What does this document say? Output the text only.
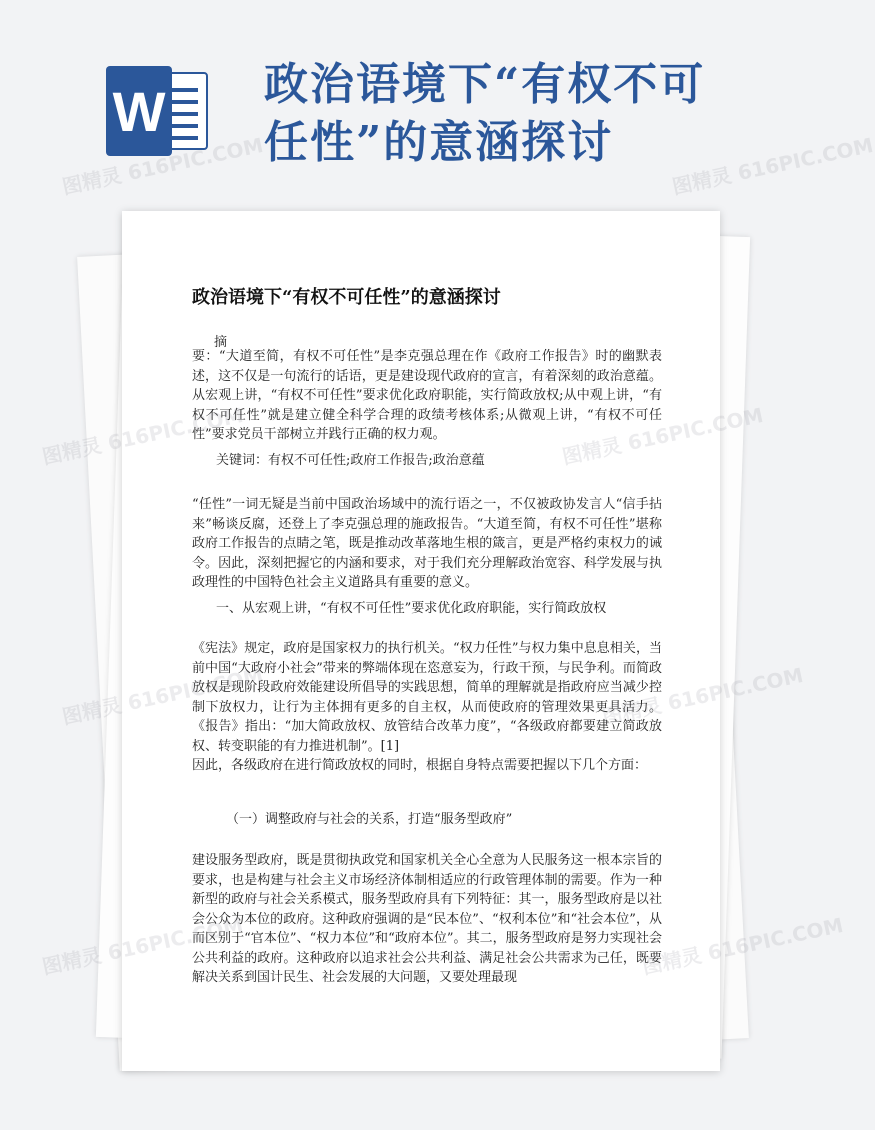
W 政治语境下“有权不可
任性”的意涵探讨
政治语境下“有权不可任性”的意涵探讨
摘

要：“大道至简，有权不可任性”是李克强总理在作《政府工作报告》时的幽默表述，这不仅是一句流行的话语，更是建设现代政府的宣言，有着深刻的政治意蕴。从宏观上讲，“有权不可任性”要求优化政府职能，实行简政放权;从中观上讲，“有权不可任性”就是建立健全科学合理的政绩考核体系;从微观上讲，“有权不可任性”要求党员干部树立并践行正确的权力观。

关键词：有权不可任性;政府工作报告;政治意蕴

“任性”一词无疑是当前中国政治场域中的流行语之一，不仅被政协发言人“信手拈来”畅谈反腐，还登上了李克强总理的施政报告。“大道至简，有权不可任性”堪称政府工作报告的点睛之笔，既是推动改革落地生根的箴言，更是严格约束权力的诫令。因此，深刻把握它的内涵和要求，对于我们充分理解政治宽容、科学发展与执政理性的中国特色社会主义道路具有重要的意义。

一、从宏观上讲，“有权不可任性”要求优化政府职能，实行简政放权

《宪法》规定，政府是国家权力的执行机关。“权力任性”与权力集中息息相关，当前中国“大政府小社会”带来的弊端体现在恣意妄为，行政干预，与民争利。而简政放权是现阶段政府效能建设所倡导的实践思想，简单的理解就是指政府应当减少控制下放权力，让行为主体拥有更多的自主权，从而使政府的管理效果更具活力。《报告》指出：“加大简政放权、放管结合改革力度”，“各级政府都要建立简政放权、转变职能的有力推进机制”。[1]

因此，各级政府在进行简政放权的同时，根据自身特点需要把握以下几个方面：

（一）调整政府与社会的关系，打造“服务型政府”

建设服务型政府，既是贯彻执政党和国家机关全心全意为人民服务这一根本宗旨的要求，也是构建与社会主义市场经济体制相适应的行政管理体制的需要。作为一种新型的政府与社会关系模式，服务型政府具有下列特征：其一，服务型政府是以社会公众为本位的政府。这种政府强调的是“民本位”、“权利本位”和“社会本位”，从而区别于“官本位”、“权力本位”和“政府本位”。其二，服务型政府是努力实现社会公共利益的政府。这种政府以追求社会公共利益、满足社会公共需求为己任，既要解决关系到国计民生、社会发展的大问题，又要处理最现

图精灵 616PIC.COM	图精灵 616PIC.COM
图精灵
图精灵	616PIC.COM
图精灵	616PIC.COM
